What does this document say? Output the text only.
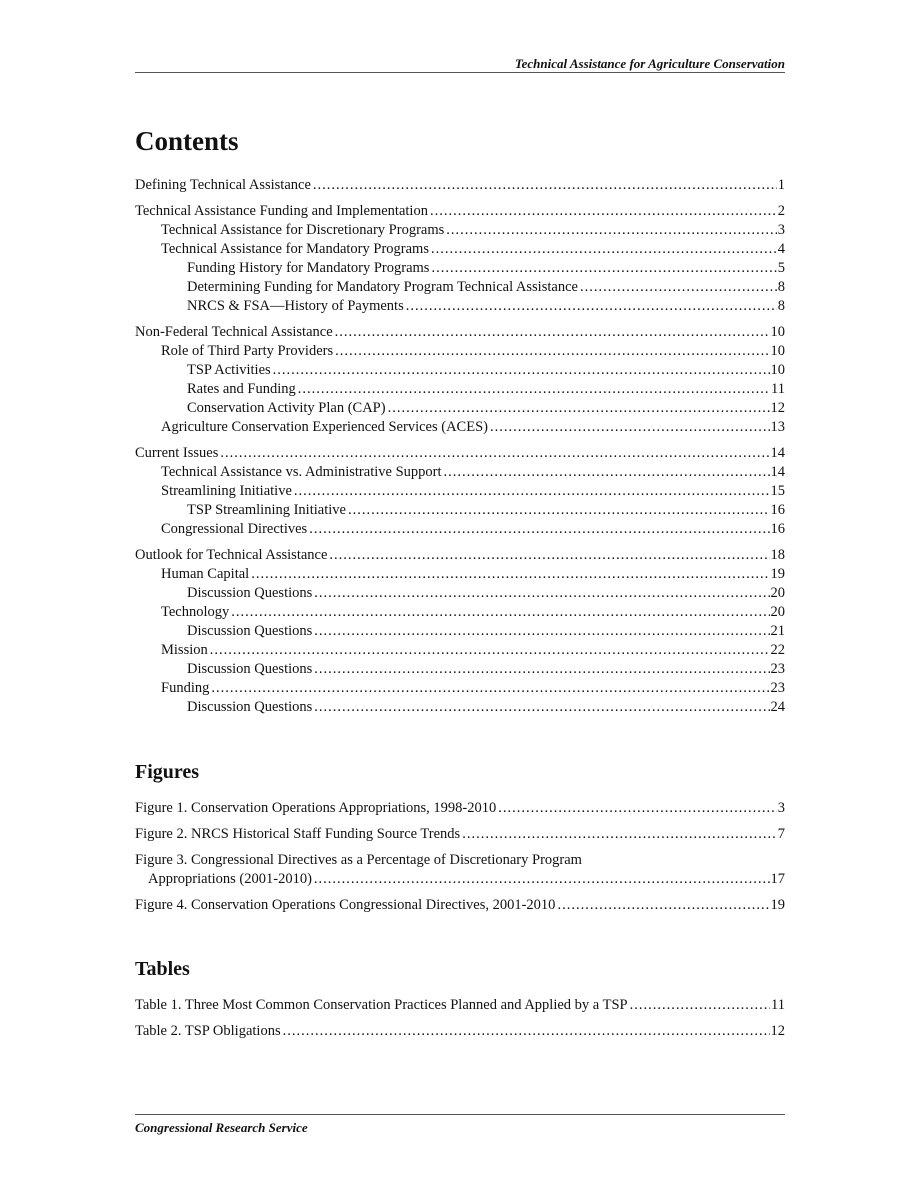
Technical Assistance for Agriculture Conservation
Contents
Defining Technical Assistance .....	1
Technical Assistance Funding and Implementation .....	2
Technical Assistance for Discretionary Programs .....	3
Technical Assistance for Mandatory Programs .....	4
Funding History for Mandatory Programs .....	5
Determining Funding for Mandatory Program Technical Assistance .....	8
NRCS & FSA—History of Payments .....	8
Non-Federal Technical Assistance .....	10
Role of Third Party Providers .....	10
TSP Activities .....	10
Rates and Funding .....	11
Conservation Activity Plan (CAP) .....	12
Agriculture Conservation Experienced Services (ACES) .....	13
Current Issues .....	14
Technical Assistance vs. Administrative Support .....	14
Streamlining Initiative .....	15
TSP Streamlining Initiative .....	16
Congressional Directives .....	16
Outlook for Technical Assistance .....	18
Human Capital .....	19
Discussion Questions .....	20
Technology .....	20
Discussion Questions .....	21
Mission .....	22
Discussion Questions .....	23
Funding .....	23
Discussion Questions .....	24
Figures
Figure 1. Conservation Operations Appropriations, 1998-2010 .....	3
Figure 2. NRCS Historical Staff Funding Source Trends .....	7
Figure 3. Congressional Directives as a Percentage of Discretionary Program
Appropriations (2001-2010) .....	17
Figure 4. Conservation Operations Congressional Directives, 2001-2010 .....	19
Tables
Table 1. Three Most Common Conservation Practices Planned and Applied by a TSP .....	11
Table 2. TSP Obligations .....	12
Congressional Research Service
